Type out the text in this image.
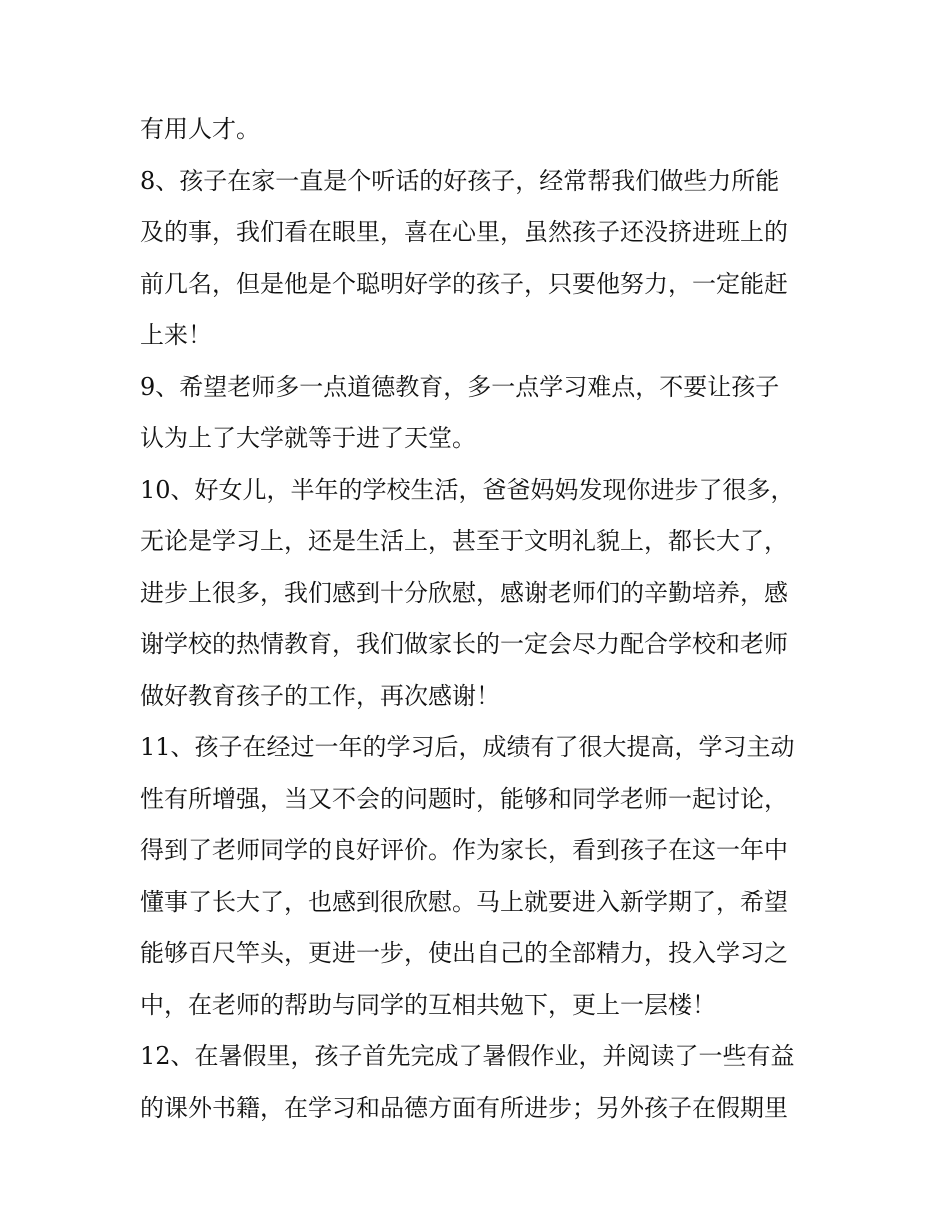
有用人才。
8、孩子在家一直是个听话的好孩子，经常帮我们做些力所能
及的事，我们看在眼里，喜在心里，虽然孩子还没挤进班上的
前几名，但是他是个聪明好学的孩子，只要他努力，一定能赶
上来！
9、希望老师多一点道德教育，多一点学习难点，不要让孩子
认为上了大学就等于进了天堂。
10、好女儿，半年的学校生活，爸爸妈妈发现你进步了很多，
无论是学习上，还是生活上，甚至于文明礼貌上，都长大了，
进步上很多，我们感到十分欣慰，感谢老师们的辛勤培养，感
谢学校的热情教育，我们做家长的一定会尽力配合学校和老师
做好教育孩子的工作，再次感谢！
11、孩子在经过一年的学习后，成绩有了很大提高，学习主动
性有所增强，当又不会的问题时，能够和同学老师一起讨论，
得到了老师同学的良好评价。作为家长，看到孩子在这一年中
懂事了长大了，也感到很欣慰。马上就要进入新学期了，希望
能够百尺竿头，更进一步，使出自己的全部精力，投入学习之
中，在老师的帮助与同学的互相共勉下，更上一层楼！
12、在暑假里，孩子首先完成了暑假作业，并阅读了一些有益
的课外书籍，在学习和品德方面有所进步；另外孩子在假期里
